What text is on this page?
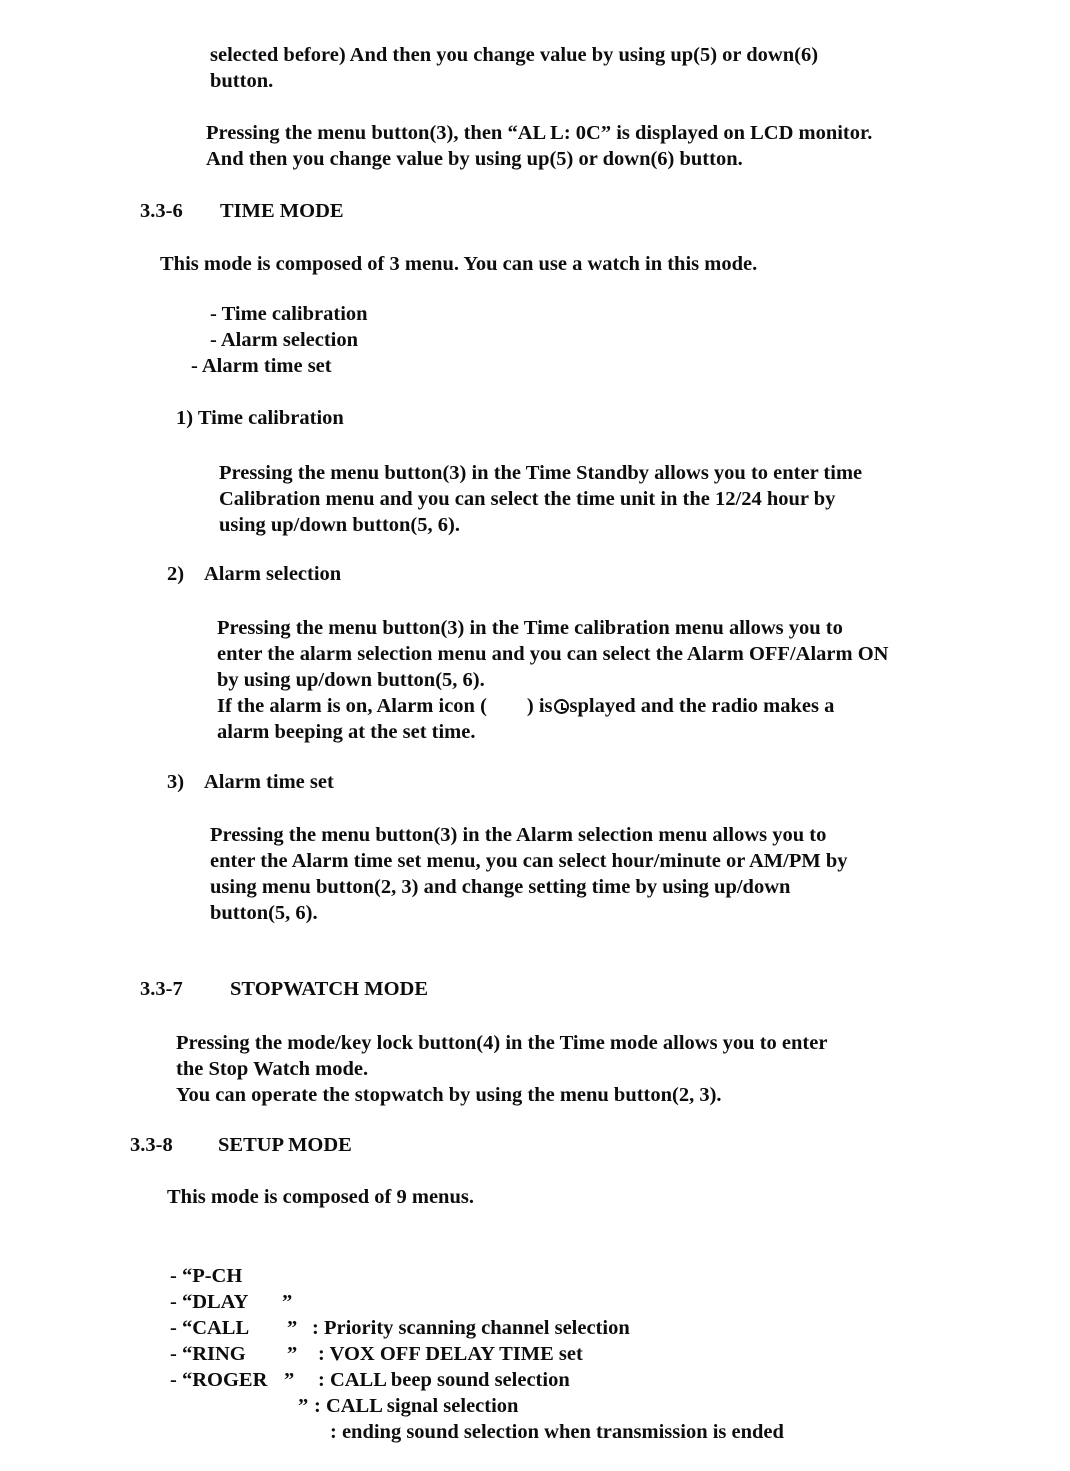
selected before) And then you change value by using up(5) or down(6)
button.
Pressing the menu button(3), then “AL L: 0C” is displayed on LCD monitor.
And then you change value by using up(5) or down(6) button.
3.3-6 TIME MODE
This mode is composed of 3 menu. You can use a watch in this mode.
- Time calibration
- Alarm selection
- Alarm time set
1) Time calibration
Pressing the menu button(3) in the Time Standby allows you to enter time
Calibration menu and you can select the time unit in the 12/24 hour by
using up/down button(5, 6).
2) Alarm selection
Pressing the menu button(3) in the Time calibration menu allows you to
enter the alarm selection menu and you can select the Alarm OFF/Alarm ON
by using up/down button(5, 6).
If the alarm is on, Alarm icon ( ) is splayed and the radio makes a
alarm beeping at the set time.
3) Alarm time set
Pressing the menu button(3) in the Alarm selection menu allows you to
enter the Alarm time set menu, you can select hour/minute or AM/PM by
using menu button(2, 3) and change setting time by using up/down
button(5, 6).
3.3-7 STOPWATCH MODE
Pressing the mode/key lock button(4) in the Time mode allows you to enter
the Stop Watch mode.
You can operate the stopwatch by using the menu button(2, 3).
3.3-8 SETUP MODE
This mode is composed of 9 menus.

- “P-CH

”

: Priority scanning channel selection

- “DLAY

”

: VOX OFF DELAY TIME set

- “CALL

”

: CALL beep sound selection

- “RING

”

: CALL signal selection

- “ROGER

”

: ending sound selection when transmission is ended
